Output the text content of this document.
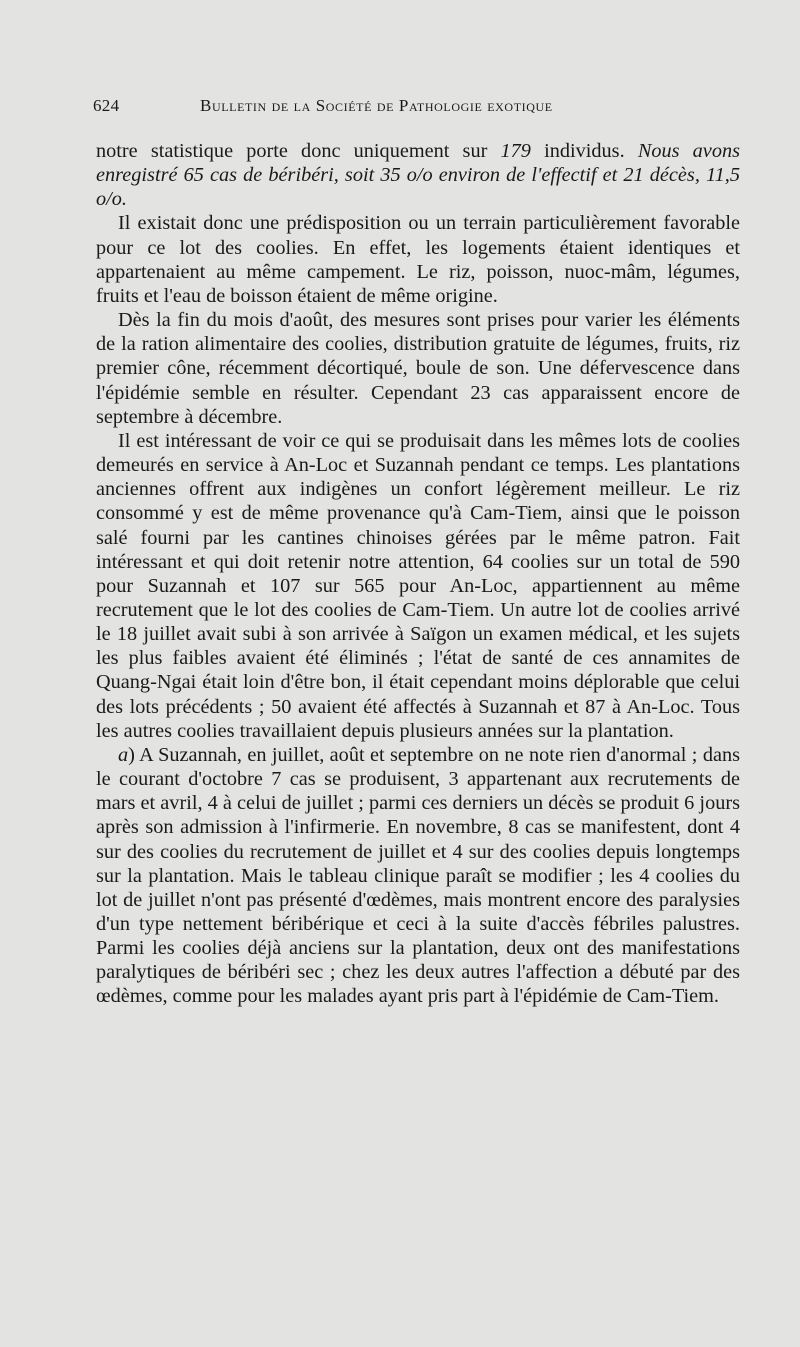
624	Bulletin de la Société de Pathologie exotique

notre statistique porte donc uniquement sur 179 individus. Nous avons enregistré 65 cas de béribéri, soit 35 o/o environ de l'effectif et 21 décès, 11,5 o/o.

Il existait donc une prédisposition ou un terrain particulièrement favorable pour ce lot des coolies. En effet, les logements étaient identiques et appartenaient au même campement. Le riz, poisson, nuoc-mâm, légumes, fruits et l'eau de boisson étaient de même origine.

Dès la fin du mois d'août, des mesures sont prises pour varier les éléments de la ration alimentaire des coolies, distribution gratuite de légumes, fruits, riz premier cône, récemment décortiqué, boule de son. Une défervescence dans l'épidémie semble en résulter. Cependant 23 cas apparaissent encore de septembre à décembre.

Il est intéressant de voir ce qui se produisait dans les mêmes lots de coolies demeurés en service à An-Loc et Suzannah pendant ce temps. Les plantations anciennes offrent aux indigènes un confort légèrement meilleur. Le riz consommé y est de même provenance qu'à Cam-Tiem, ainsi que le poisson salé fourni par les cantines chinoises gérées par le même patron. Fait intéressant et qui doit retenir notre attention, 64 coolies sur un total de 590 pour Suzannah et 107 sur 565 pour An-Loc, appartiennent au même recrutement que le lot des coolies de Cam-Tiem. Un autre lot de coolies arrivé le 18 juillet avait subi à son arrivée à Saïgon un examen médical, et les sujets les plus faibles avaient été éliminés ; l'état de santé de ces annamites de Quang-Ngai était loin d'être bon, il était cependant moins déplorable que celui des lots précédents ; 50 avaient été affectés à Suzannah et 87 à An-Loc. Tous les autres coolies travaillaient depuis plusieurs années sur la plantation.

a) A Suzannah, en juillet, août et septembre on ne note rien d'anormal ; dans le courant d'octobre 7 cas se produisent, 3 appartenant aux recrutements de mars et avril, 4 à celui de juillet ; parmi ces derniers un décès se produit 6 jours après son admission à l'infirmerie. En novembre, 8 cas se manifestent, dont 4 sur des coolies du recrutement de juillet et 4 sur des coolies depuis longtemps sur la plantation. Mais le tableau clinique paraît se modifier ; les 4 coolies du lot de juillet n'ont pas présenté d'œdèmes, mais montrent encore des paralysies d'un type nettement béribérique et ceci à la suite d'accès fébriles palustres. Parmi les coolies déjà anciens sur la plantation, deux ont des manifestations paralytiques de béribéri sec ; chez les deux autres l'affection a débuté par des œdèmes, comme pour les malades ayant pris part à l'épidémie de Cam-Tiem.
